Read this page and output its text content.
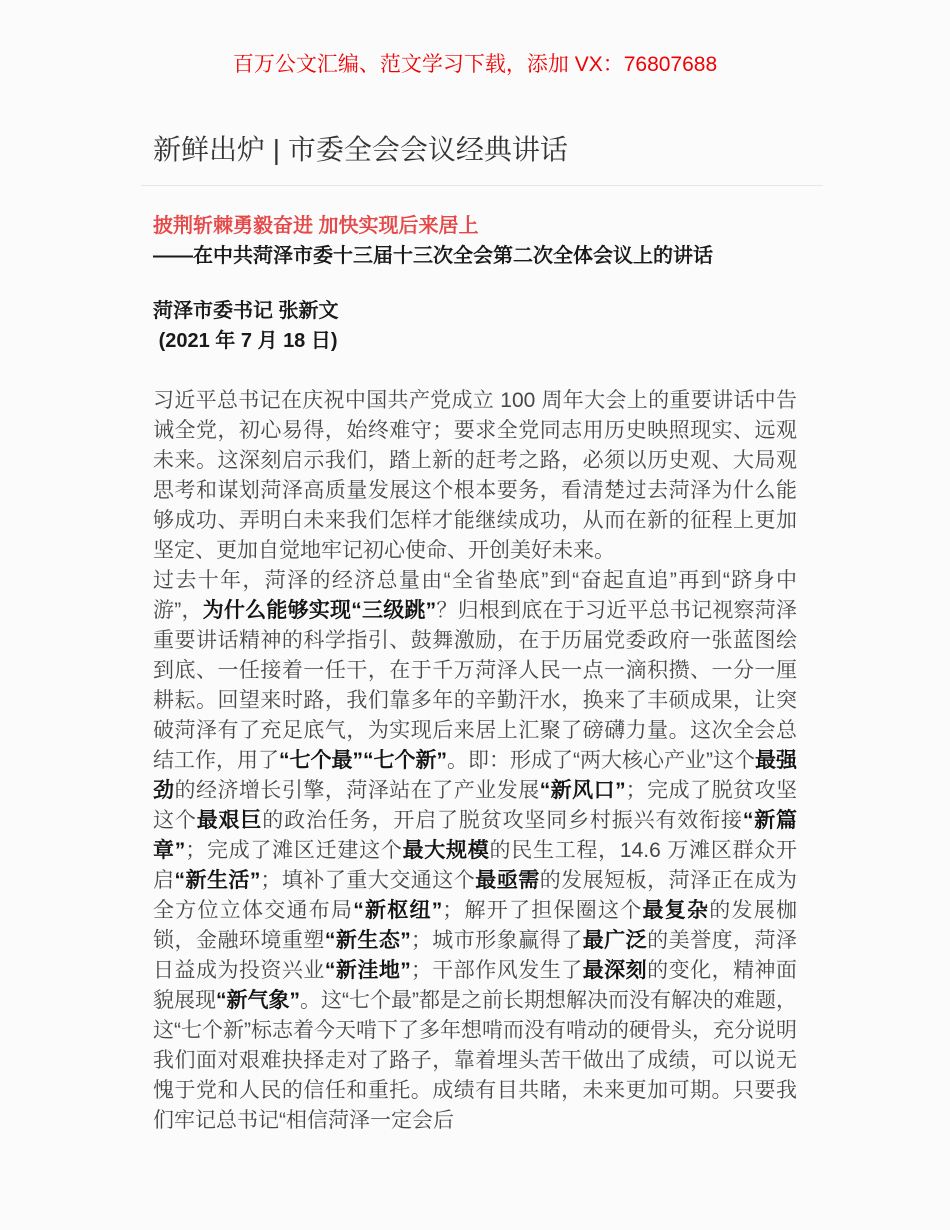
百万公文汇编、范文学习下载，添加 VX：76807688
新鲜出炉 | 市委全会会议经典讲话
披荆斩棘勇毅奋进 加快实现后来居上
——在中共菏泽市委十三届十三次全会第二次全体会议上的讲话
菏泽市委书记 张新文
(2021 年 7 月 18 日)

习近平总书记在庆祝中国共产党成立 100 周年大会上的重要讲话中告诫全党，初心易得，始终难守；要求全党同志用历史映照现实、远观未来。这深刻启示我们，踏上新的赶考之路，必须以历史观、大局观思考和谋划菏泽高质量发展这个根本要务，看清楚过去菏泽为什么能够成功、弄明白未来我们怎样才能继续成功，从而在新的征程上更加坚定、更加自觉地牢记初心使命、开创美好未来。

过去十年，菏泽的经济总量由“全省垫底”到“奋起直追”再到“跻身中游”，为什么能够实现“三级跳”？归根到底在于习近平总书记视察菏泽重要讲话精神的科学指引、鼓舞激励，在于历届党委政府一张蓝图绘到底、一任接着一任干，在于千万菏泽人民一点一滴积攒、一分一厘耕耘。回望来时路，我们靠多年的辛勤汗水，换来了丰硕成果，让突破菏泽有了充足底气，为实现后来居上汇聚了磅礴力量。这次全会总结工作，用了“七个最”“七个新”。即：形成了“两大核心产业”这个最强劲的经济增长引擎，菏泽站在了产业发展“新风口”；完成了脱贫攻坚这个最艰巨的政治任务，开启了脱贫攻坚同乡村振兴有效衔接“新篇章”；完成了滩区迁建这个最大规模的民生工程，14.6 万滩区群众开启“新生活”；填补了重大交通这个最亟需的发展短板，菏泽正在成为全方位立体交通布局“新枢纽”；解开了担保圈这个最复杂的发展枷锁，金融环境重塑“新生态”；城市形象赢得了最广泛的美誉度，菏泽日益成为投资兴业“新洼地”；干部作风发生了最深刻的变化，精神面貌展现“新气象”。这“七个最”都是之前长期想解决而没有解决的难题，这“七个新”标志着今天啃下了多年想啃而没有啃动的硬骨头，充分说明我们面对艰难抉择走对了路子，靠着埋头苦干做出了成绩，可以说无愧于党和人民的信任和重托。成绩有目共睹，未来更加可期。只要我们牢记总书记“相信菏泽一定会后
